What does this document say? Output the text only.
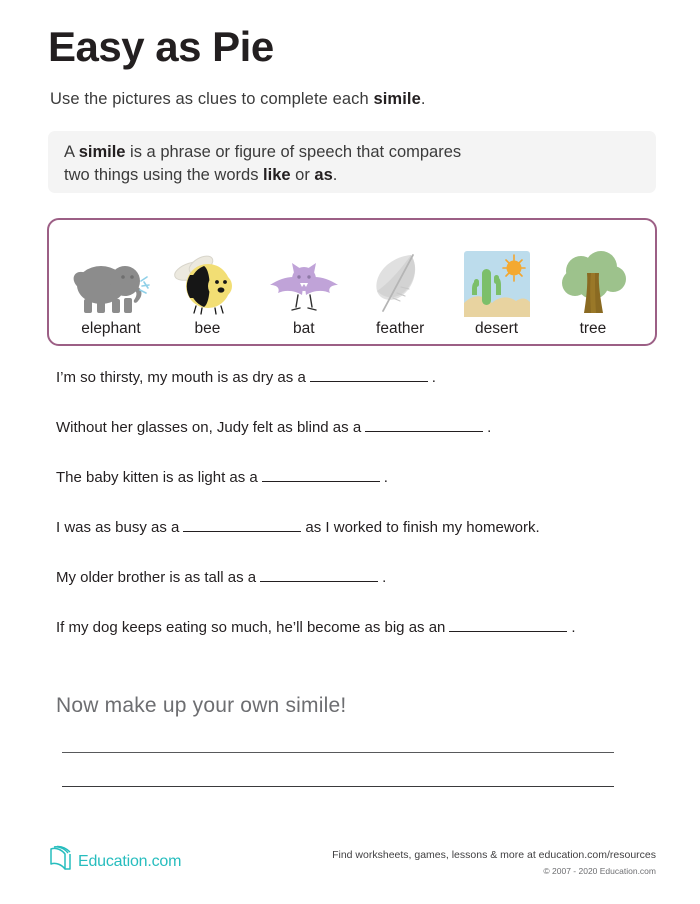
Easy as Pie
Use the pictures as clues to complete each simile.
A simile is a phrase or figure of speech that compares
two things using the words like or as.
elephant	bee	bat	feather	desert	tree
I’m so thirsty, my mouth is as dry as a	.
Without her glasses on, Judy felt as blind as a	.
The baby kitten is as light as a	.
I was as busy as a	as I worked to finish my homework.
My older brother is as tall as a	.
If my dog keeps eating so much, he’ll become as big as an	.
Now make up your own simile!
Education.com	Find worksheets, games, lessons & more at education.com/resources
© 2007 - 2020 Education.com
